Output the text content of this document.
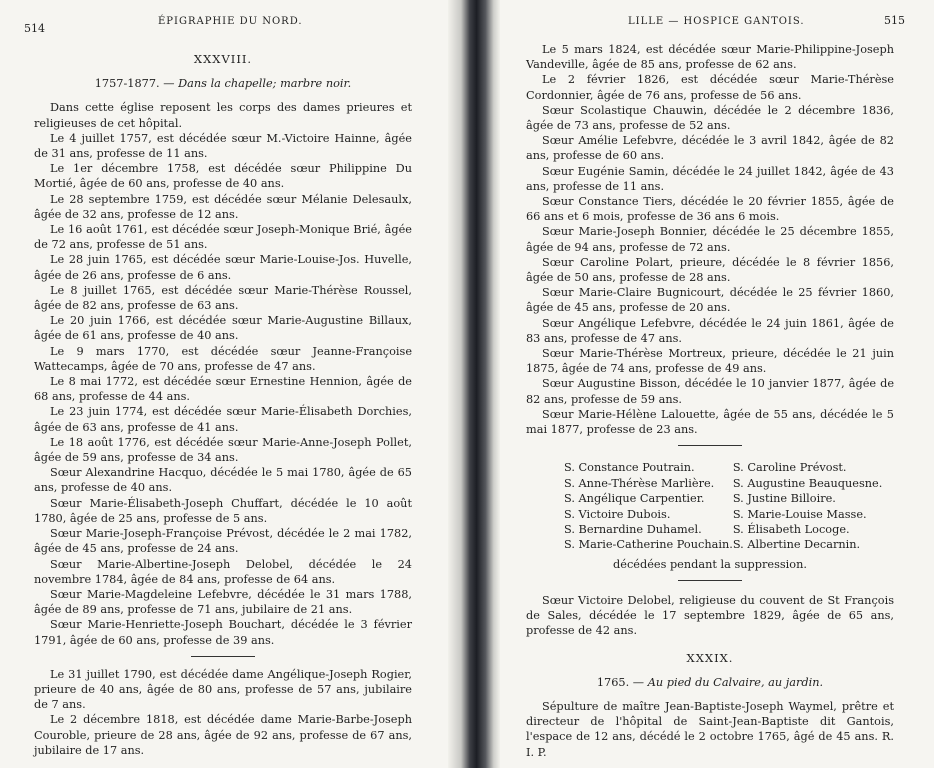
514
ÉPIGRAPHIE DU NORD.
XXXVIII.
1757-1877. — Dans la chapelle; marbre noir.

Dans cette église reposent les corps des dames prieures et religieuses de cet hôpital.

Le 4 juillet 1757, est décédée sœur M.-Victoire Hainne, âgée de 31 ans, professe de 11 ans.

Le 1er décembre 1758, est décédée sœur Philippine Du Mortié, âgée de 60 ans, professe de 40 ans.

Le 28 septembre 1759, est décédée sœur Mélanie Delesaulx, âgée de 32 ans, professe de 12 ans.

Le 16 août 1761, est décédée sœur Joseph-Monique Brié, âgée de 72 ans, professe de 51 ans.

Le 28 juin 1765, est décédée sœur Marie-Louise-Jos. Huvelle, âgée de 26 ans, professe de 6 ans.

Le 8 juillet 1765, est décédée sœur Marie-Thérèse Roussel, âgée de 82 ans, professe de 63 ans.

Le 20 juin 1766, est décédée sœur Marie-Augustine Billaux, âgée de 61 ans, professe de 40 ans.

Le 9 mars 1770, est décédée sœur Jeanne-Françoise Wattecamps, âgée de 70 ans, professe de 47 ans.

Le 8 mai 1772, est décédée sœur Ernestine Hennion, âgée de 68 ans, professe de 44 ans.

Le 23 juin 1774, est décédée sœur Marie-Élisabeth Dorchies, âgée de 63 ans, professe de 41 ans.

Le 18 août 1776, est décédée sœur Marie-Anne-Joseph Pollet, âgée de 59 ans, professe de 34 ans.

Sœur Alexandrine Hacquo, décédée le 5 mai 1780, âgée de 65 ans, professe de 40 ans.

Sœur Marie-Élisabeth-Joseph Chuffart, décédée le 10 août 1780, âgée de 25 ans, professe de 5 ans.

Sœur Marie-Joseph-Françoise Prévost, décédée le 2 mai 1782, âgée de 45 ans, professe de 24 ans.

Sœur Marie-Albertine-Joseph Delobel, décédée le 24 novembre 1784, âgée de 84 ans, professe de 64 ans.

Sœur Marie-Magdeleine Lefebvre, décédée le 31 mars 1788, âgée de 89 ans, professe de 71 ans, jubilaire de 21 ans.

Sœur Marie-Henriette-Joseph Bouchart, décédée le 3 février 1791, âgée de 60 ans, professe de 39 ans.

Le 31 juillet 1790, est décédée dame Angélique-Joseph Rogier, prieure de 40 ans, âgée de 80 ans, professe de 57 ans, jubilaire de 7 ans.

Le 2 décembre 1818, est décédée dame Marie-Barbe-Joseph Couroble, prieure de 28 ans, âgée de 92 ans, professe de 67 ans, jubilaire de 17 ans.

LILLE — HOSPICE GANTOIS.	515

Le 5 mars 1824, est décédée sœur Marie-Philippine-Joseph Vandeville, âgée de 85 ans, professe de 62 ans.

Le 2 février 1826, est décédée sœur Marie-Thérèse Cordonnier, âgée de 76 ans, professe de 56 ans.

Sœur Scolastique Chauwin, décédée le 2 décembre 1836, âgée de 73 ans, professe de 52 ans.

Sœur Amélie Lefebvre, décédée le 3 avril 1842, âgée de 82 ans, professe de 60 ans.

Sœur Eugénie Samin, décédée le 24 juillet 1842, âgée de 43 ans, professe de 11 ans.

Sœur Constance Tiers, décédée le 20 février 1855, âgée de 66 ans et 6 mois, professe de 36 ans 6 mois.

Sœur Marie-Joseph Bonnier, décédée le 25 décembre 1855, âgée de 94 ans, professe de 72 ans.

Sœur Caroline Polart, prieure, décédée le 8 février 1856, âgée de 50 ans, professe de 28 ans.

Sœur Marie-Claire Bugnicourt, décédée le 25 février 1860, âgée de 45 ans, professe de 20 ans.

Sœur Angélique Lefebvre, décédée le 24 juin 1861, âgée de 83 ans, professe de 47 ans.

Sœur Marie-Thérèse Mortreux, prieure, décédée le 21 juin 1875, âgée de 74 ans, professe de 49 ans.

Sœur Augustine Bisson, décédée le 10 janvier 1877, âgée de 82 ans, professe de 59 ans.

Sœur Marie-Hélène Lalouette, âgée de 55 ans, décédée le 5 mai 1877, professe de 23 ans.

S. Constance Poutrain.
S. Anne-Thérèse Marlière.
S. Angélique Carpentier.
S. Victoire Dubois.
S. Bernardine Duhamel.
S. Marie-Catherine Pouchain.
S. Caroline Prévost.
S. Augustine Beauquesne.
S. Justine Billoire.
S. Marie-Louise Masse.
S. Élisabeth Locoge.
S. Albertine Decarnin.

décédées pendant la suppression.

Sœur Victoire Delobel, religieuse du couvent de St François de Sales, décédée le 17 septembre 1829, âgée de 65 ans, professe de 42 ans.

XXXIX.
1765. — Au pied du Calvaire, au jardin.

Sépulture de maître Jean-Baptiste-Joseph Waymel, prêtre et directeur de l'hôpital de Saint-Jean-Baptiste dit Gantois, l'espace de 12 ans, décédé le 2 octobre 1765, âgé de 45 ans. R. I. P.
